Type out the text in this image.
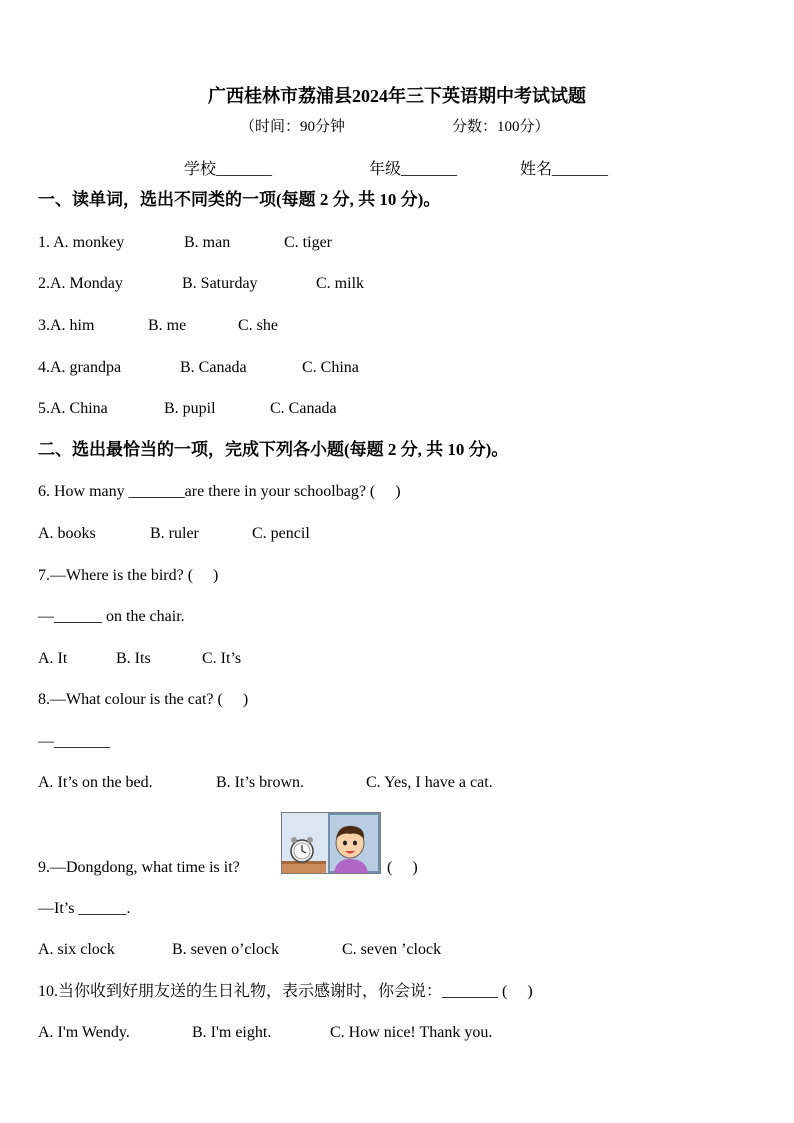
广西桂林市荔浦县2024年三下英语期中考试试题
（时间：90分钟	分数：100分）
学校_______	年级_______	姓名_______
一、读单词，选出不同类的一项(每题 2 分, 共 10 分)。
1. A. monkey	B. man	C. tiger
2.A. Monday	B. Saturday	C. milk
3.A. him	B. me	C. she
4.A. grandpa	B. Canada	C. China
5.A. China	B. pupil	C. Canada
二、选出最恰当的一项，完成下列各小题(每题 2 分, 共 10 分)。
6. How many _______are there in your schoolbag? (     )
A. books	B. ruler	C. pencil
7.—Where is the bird? (     )
—______ on the chair.
A. It	B. Its	C. It’s
8.—What colour is the cat? (     )
—_______
A. It’s on the bed.	B. It’s brown.	C. Yes, I have a cat.
9.—Dongdong, what time is it?	(     )
—It’s ______.
A. six clock	B. seven o’clock	C. seven ’clock
10.当你收到好朋友送的生日礼物，表示感谢时，你会说：_______ (     )
A. I'm Wendy.	B. I'm eight.	C. How nice! Thank you.
